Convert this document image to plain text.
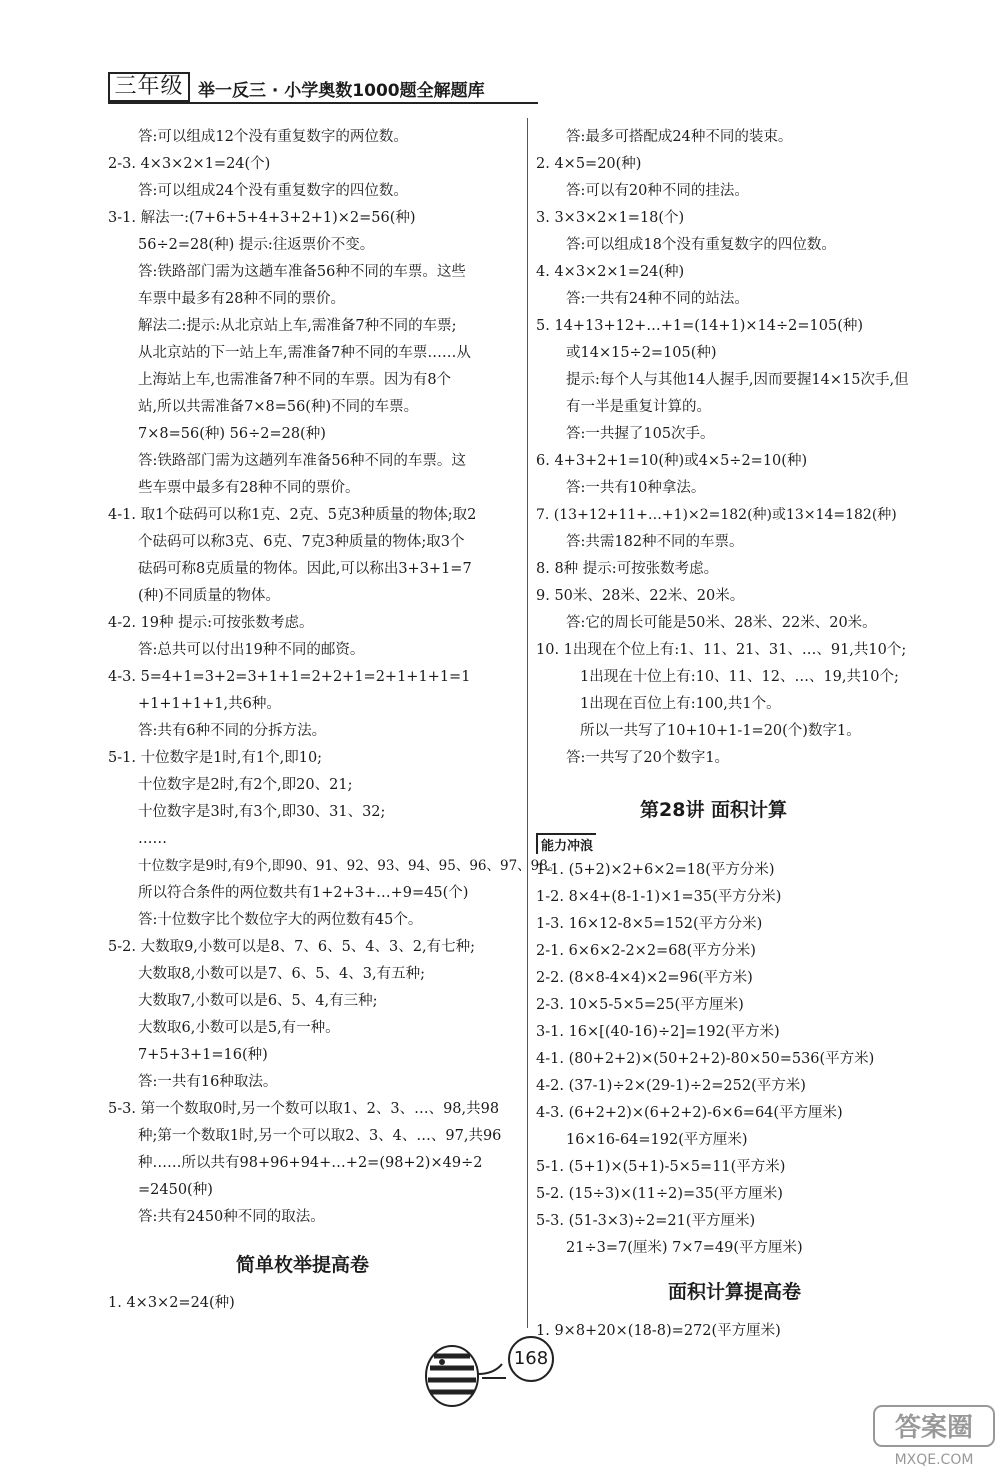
三年级 举一反三 · 小学奥数1000题全解题库
答:可以组成12个没有重复数字的两位数。
2-3. 4×3×2×1=24(个)
答:可以组成24个没有重复数字的四位数。
3-1. 解法一:(7+6+5+4+3+2+1)×2=56(种)
56÷2=28(种) 提示:往返票价不变。
答:铁路部门需为这趟车准备56种不同的车票。这些
车票中最多有28种不同的票价。
解法二:提示:从北京站上车,需准备7种不同的车票;
从北京站的下一站上车,需准备7种不同的车票……从
上海站上车,也需准备7种不同的车票。因为有8个
站,所以共需准备7×8=56(种)不同的车票。
7×8=56(种) 56÷2=28(种)
答:铁路部门需为这趟列车准备56种不同的车票。这
些车票中最多有28种不同的票价。
4-1. 取1个砝码可以称1克、2克、5克3种质量的物体;取2
个砝码可以称3克、6克、7克3种质量的物体;取3个
砝码可称8克质量的物体。因此,可以称出3+3+1=7
(种)不同质量的物体。
4-2. 19种 提示:可按张数考虑。
答:总共可以付出19种不同的邮资。
4-3. 5=4+1=3+2=3+1+1=2+2+1=2+1+1+1=1
+1+1+1+1,共6种。
答:共有6种不同的分拆方法。
5-1. 十位数字是1时,有1个,即10;
十位数字是2时,有2个,即20、21;
十位数字是3时,有3个,即30、31、32;
……
十位数字是9时,有9个,即90、91、92、93、94、95、96、97、98。
所以符合条件的两位数共有1+2+3+…+9=45(个)
答:十位数字比个数位字大的两位数有45个。
5-2. 大数取9,小数可以是8、7、6、5、4、3、2,有七种;
大数取8,小数可以是7、6、5、4、3,有五种;
大数取7,小数可以是6、5、4,有三种;
大数取6,小数可以是5,有一种。
7+5+3+1=16(种)
答:一共有16种取法。
5-3. 第一个数取0时,另一个数可以取1、2、3、…、98,共98
种;第一个数取1时,另一个可以取2、3、4、…、97,共96
种……所以共有98+96+94+…+2=(98+2)×49÷2
=2450(种)
答:共有2450种不同的取法。
简单枚举提高卷
1. 4×3×2=24(种)
答:最多可搭配成24种不同的装束。
2. 4×5=20(种)
答:可以有20种不同的挂法。
3. 3×3×2×1=18(个)
答:可以组成18个没有重复数字的四位数。
4. 4×3×2×1=24(种)
答:一共有24种不同的站法。
5. 14+13+12+…+1=(14+1)×14÷2=105(种)
或14×15÷2=105(种)
提示:每个人与其他14人握手,因而要握14×15次手,但
有一半是重复计算的。
答:一共握了105次手。
6. 4+3+2+1=10(种)或4×5÷2=10(种)
答:一共有10种拿法。
7. (13+12+11+…+1)×2=182(种)或13×14=182(种)
答:共需182种不同的车票。
8. 8种 提示:可按张数考虑。
9. 50米、28米、22米、20米。
答:它的周长可能是50米、28米、22米、20米。
10. 1出现在个位上有:1、11、21、31、…、91,共10个;
1出现在十位上有:10、11、12、…、19,共10个;
1出现在百位上有:100,共1个。
所以一共写了10+10+1-1=20(个)数字1。
答:一共写了20个数字1。
第28讲 面积计算
能力冲浪
1-1. (5+2)×2+6×2=18(平方分米)
1-2. 8×4+(8-1-1)×1=35(平方分米)
1-3. 16×12-8×5=152(平方分米)
2-1. 6×6×2-2×2=68(平方分米)
2-2. (8×8-4×4)×2=96(平方米)
2-3. 10×5-5×5=25(平方厘米)
3-1. 16×[(40-16)÷2]=192(平方米)
4-1. (80+2+2)×(50+2+2)-80×50=536(平方米)
4-2. (37-1)÷2×(29-1)÷2=252(平方米)
4-3. (6+2+2)×(6+2+2)-6×6=64(平方厘米)
16×16-64=192(平方厘米)
5-1. (5+1)×(5+1)-5×5=11(平方米)
5-2. (15÷3)×(11÷2)=35(平方厘米)
5-3. (51-3×3)÷2=21(平方厘米)
21÷3=7(厘米) 7×7=49(平方厘米)
面积计算提高卷
1. 9×8+20×(18-8)=272(平方厘米)
168
答案圈
MXQE.COM
